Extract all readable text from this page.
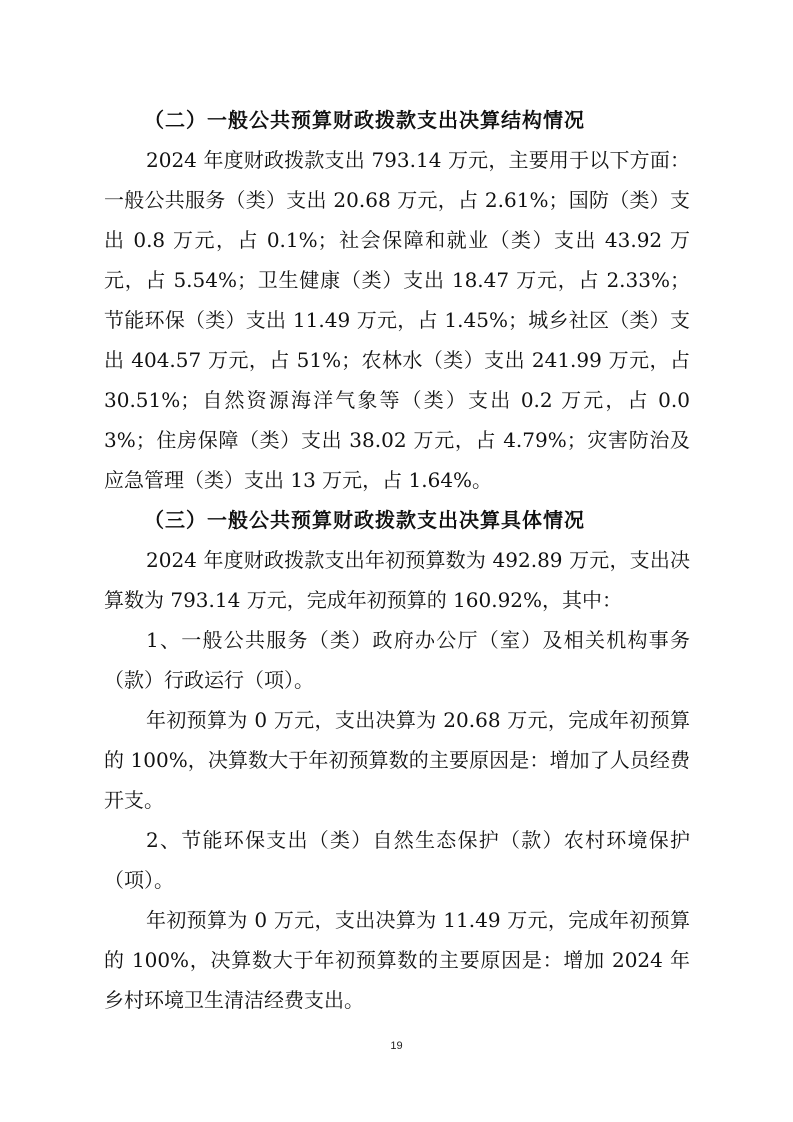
（二）一般公共预算财政拨款支出决算结构情况

2024 年度财政拨款支出 793.14 万元，主要用于以下方面：一般公共服务（类）支出 20.68 万元，占 2.61%；国防（类）支出 0.8 万元，占 0.1%；社会保障和就业（类）支出 43.92 万元，占 5.54%；卫生健康（类）支出 18.47 万元，占 2.33%；节能环保（类）支出 11.49 万元，占 1.45%；城乡社区（类）支出 404.57 万元，占 51%；农林水（类）支出 241.99 万元，占 30.51%；自然资源海洋气象等（类）支出 0.2 万元，占 0.03%；住房保障（类）支出 38.02 万元，占 4.79%；灾害防治及应急管理（类）支出 13 万元，占 1.64%。

（三）一般公共预算财政拨款支出决算具体情况

2024 年度财政拨款支出年初预算数为 492.89 万元，支出决算数为 793.14 万元，完成年初预算的 160.92%，其中：

1、一般公共服务（类）政府办公厅（室）及相关机构事务（款）行政运行（项）。

年初预算为 0 万元，支出决算为 20.68 万元，完成年初预算的 100%，决算数大于年初预算数的主要原因是：增加了人员经费开支。

2、节能环保支出（类）自然生态保护（款）农村环境保护（项）。

年初预算为 0 万元，支出决算为 11.49 万元，完成年初预算的 100%，决算数大于年初预算数的主要原因是：增加 2024 年乡村环境卫生清洁经费支出。

19
